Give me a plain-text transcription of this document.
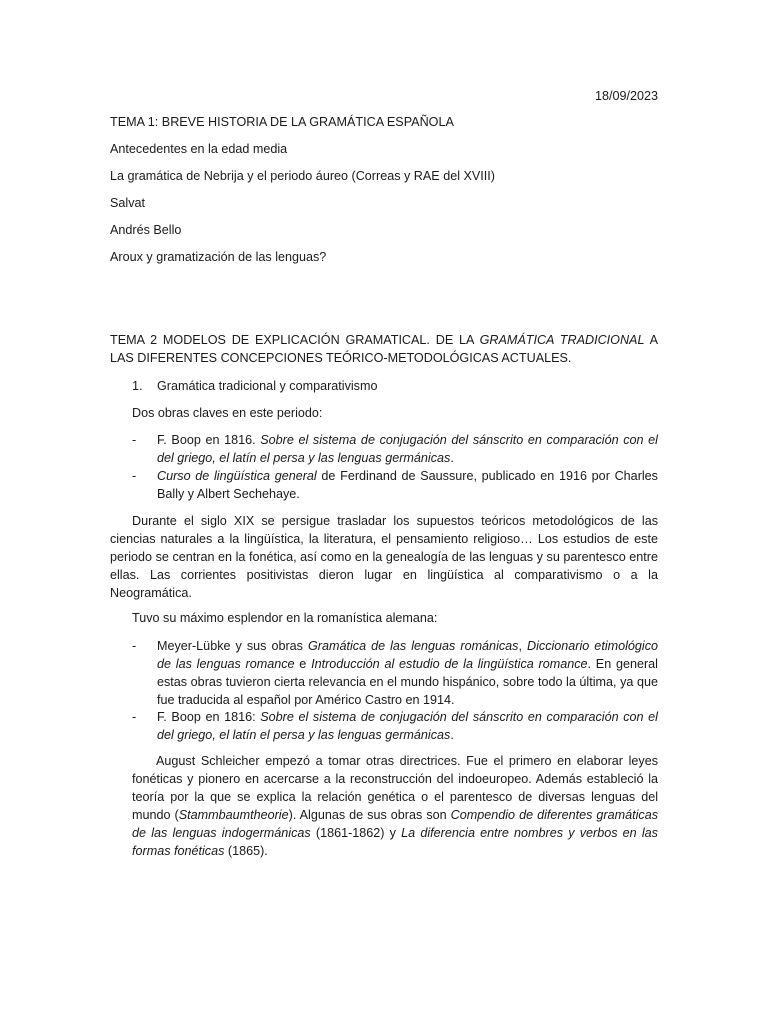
18/09/2023
TEMA 1: BREVE HISTORIA DE LA GRAMÁTICA ESPAÑOLA
Antecedentes en la edad media
La gramática de Nebrija y el periodo áureo (Correas y RAE del XVIII)
Salvat
Andrés Bello
Aroux y gramatización de las lenguas?
TEMA 2 MODELOS DE EXPLICACIÓN GRAMATICAL. DE LA GRAMÁTICA TRADICIONAL A LAS DIFERENTES CONCEPCIONES TEÓRICO-METODOLÓGICAS ACTUALES.
1. Gramática tradicional y comparativismo
Dos obras claves en este periodo:
- F. Boop en 1816. Sobre el sistema de conjugación del sánscrito en comparación con el del griego, el latín el persa y las lenguas germánicas.
- Curso de lingüística general de Ferdinand de Saussure, publicado en 1916 por Charles Bally y Albert Sechehaye.
Durante el siglo XIX se persigue trasladar los supuestos teóricos metodológicos de las ciencias naturales a la lingüística, la literatura, el pensamiento religioso… Los estudios de este periodo se centran en la fonética, así como en la genealogía de las lenguas y su parentesco entre ellas. Las corrientes positivistas dieron lugar en lingüística al comparativismo o a la Neogramática.
Tuvo su máximo esplendor en la romanística alemana:
- Meyer-Lübke y sus obras Gramática de las lenguas románicas, Diccionario etimológico de las lenguas romance e Introducción al estudio de la lingüística romance. En general estas obras tuvieron cierta relevancia en el mundo hispánico, sobre todo la última, ya que fue traducida al español por Américo Castro en 1914.
- F. Boop en 1816: Sobre el sistema de conjugación del sánscrito en comparación con el del griego, el latín el persa y las lenguas germánicas.
August Schleicher empezó a tomar otras directrices. Fue el primero en elaborar leyes fonéticas y pionero en acercarse a la reconstrucción del indoeuropeo. Además estableció la teoría por la que se explica la relación genética o el parentesco de diversas lenguas del mundo (Stammbaumtheorie). Algunas de sus obras son Compendio de diferentes gramáticas de las lenguas indogermánicas (1861-1862) y La diferencia entre nombres y verbos en las formas fonéticas (1865).
